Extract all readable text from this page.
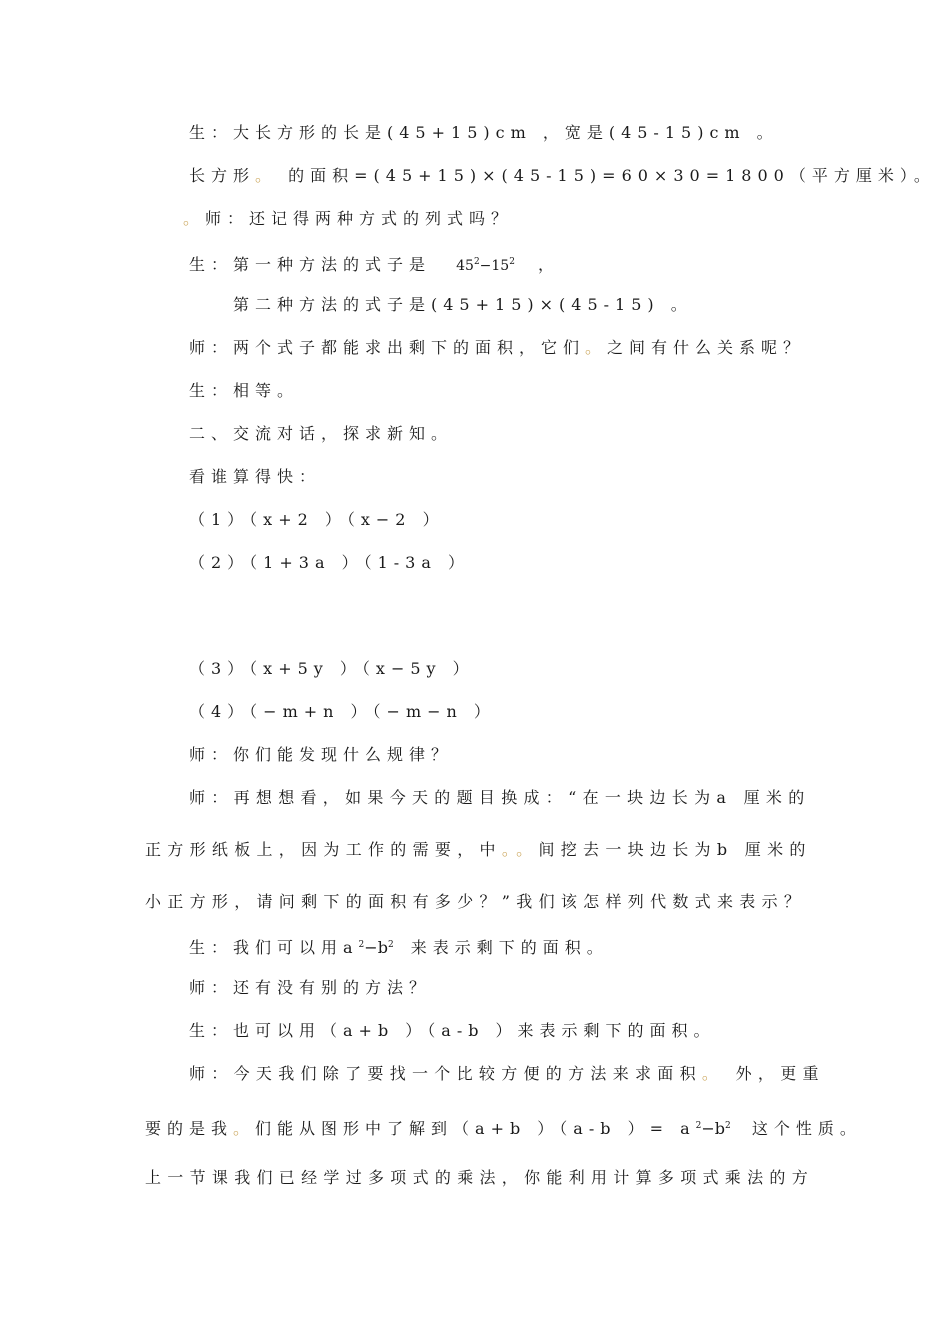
生：大长方形的长是(45+15)cm ，宽是(45-15)cm 。
长方形。 的面积=(45+15)×(45-15)=60×30=1800（平方厘米）。
。师：还记得两种方式的列式吗？
生：第一种方法的式子是 $45^2-15^2$ ，
第二种方法的式子是(45+15)×(45-15) 。
师：两个式子都能求出剩下的面积，它们。之间有什么关系呢？
生：相等。
二、交流对话，探求新知。
看谁算得快：
（1）（x+2 ）（x−2 ）
（2）（1+3a ）（1-3a ）
（3）（x+5y ）（x−5y ）
（4）（−m+n ）（−m−n ）
师：你们能发现什么规律？
师：再想想看，如果今天的题目换成：“在一块边长为a 厘米的
正方形纸板上，因为工作的需要，中。。间挖去一块边长为b 厘米的
小正方形，请问剩下的面积有多少？”我们该怎样列代数式来表示？
生：我们可以用$a^2-b^2$ 来表示剩下的面积。
师：还有没有别的方法？
生：也可以用（a+b ）（a-b ）来表示剩下的面积。
师：今天我们除了要找一个比较方便的方法来求面积。 外，更重
要的是我。们能从图形中了解到（a+b ）（a-b ）= $a^2-b^2$ 这个性质。
上一节课我们已经学过多项式的乘法，你能利用计算多项式乘法的方
